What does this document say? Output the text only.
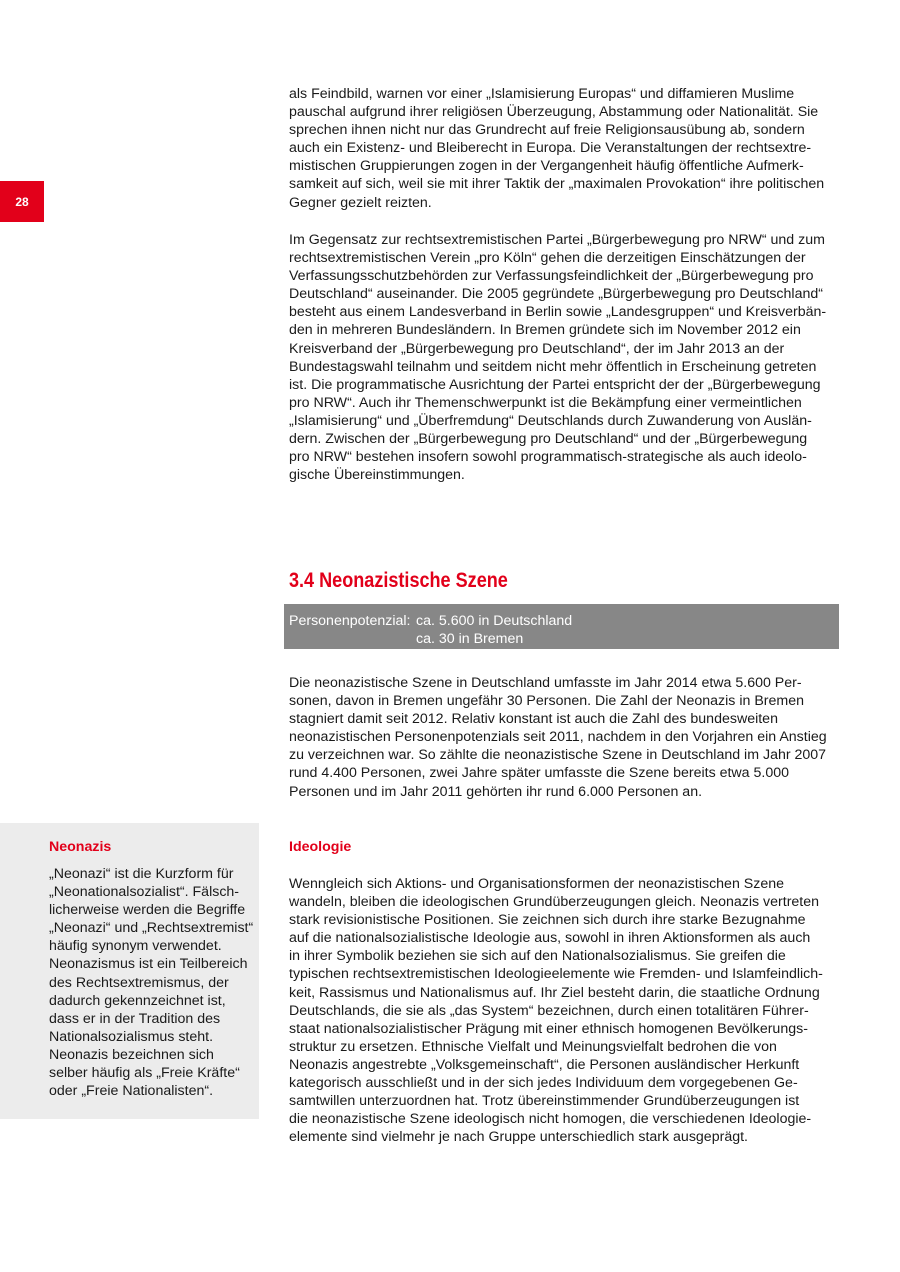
28

als Feindbild, warnen vor einer „Islamisierung Europas“ und diffamieren Muslime
pauschal aufgrund ihrer religiösen Überzeugung, Abstammung oder Nationalität. Sie
sprechen ihnen nicht nur das Grundrecht auf freie Religionsausübung ab, sondern
auch ein Existenz- und Bleiberecht in Europa. Die Veranstaltungen der rechtsextre-
mistischen Gruppierungen zogen in der Vergangenheit häufig öffentliche Aufmerk-
samkeit auf sich, weil sie mit ihrer Taktik der „maximalen Provokation“ ihre politischen
Gegner gezielt reizten.

Im Gegensatz zur rechtsextremistischen Partei „Bürgerbewegung pro NRW“ und zum
rechtsextremistischen Verein „pro Köln“ gehen die derzeitigen Einschätzungen der
Verfassungsschutzbehörden zur Verfassungsfeindlichkeit der „Bürgerbewegung pro
Deutschland“ auseinander. Die 2005 gegründete „Bürgerbewegung pro Deutschland“
besteht aus einem Landesverband in Berlin sowie „Landesgruppen“ und Kreisverbän-
den in mehreren Bundesländern. In Bremen gründete sich im November 2012 ein
Kreisverband der „Bürgerbewegung pro Deutschland“, der im Jahr 2013 an der
Bundestagswahl teilnahm und seitdem nicht mehr öffentlich in Erscheinung getreten
ist. Die programmatische Ausrichtung der Partei entspricht der der „Bürgerbewegung
pro NRW“. Auch ihr Themenschwerpunkt ist die Bekämpfung einer vermeintlichen
„Islamisierung“ und „Überfremdung“ Deutschlands durch Zuwanderung von Auslän-
dern. Zwischen der „Bürgerbewegung pro Deutschland“ und der „Bürgerbewegung
pro NRW“ bestehen insofern sowohl programmatisch-strategische als auch ideolo-
gische Übereinstimmungen.

3.4 Neonazistische Szene
Personenpotenzial: ca. 5.600 in Deutschland
ca. 30 in Bremen

Die neonazistische Szene in Deutschland umfasste im Jahr 2014 etwa 5.600 Per-
sonen, davon in Bremen ungefähr 30 Personen. Die Zahl der Neonazis in Bremen
stagniert damit seit 2012. Relativ konstant ist auch die Zahl des bundesweiten
neonazistischen Personenpotenzials seit 2011, nachdem in den Vorjahren ein Anstieg
zu verzeichnen war. So zählte die neonazistische Szene in Deutschland im Jahr 2007
rund 4.400 Personen, zwei Jahre später umfasste die Szene bereits etwa 5.000
Personen und im Jahr 2011 gehörten ihr rund 6.000 Personen an.

Ideologie

Wenngleich sich Aktions- und Organisationsformen der neonazistischen Szene
wandeln, bleiben die ideologischen Grundüberzeugungen gleich. Neonazis vertreten
stark revisionistische Positionen. Sie zeichnen sich durch ihre starke Bezugnahme
auf die nationalsozialistische Ideologie aus, sowohl in ihren Aktionsformen als auch
in ihrer Symbolik beziehen sie sich auf den Nationalsozialismus. Sie greifen die
typischen rechtsextremistischen Ideologieelemente wie Fremden- und Islamfeindlich-
keit, Rassismus und Nationalismus auf. Ihr Ziel besteht darin, die staatliche Ordnung
Deutschlands, die sie als „das System“ bezeichnen, durch einen totalitären Führer-
staat nationalsozialistischer Prägung mit einer ethnisch homogenen Bevölkerungs-
struktur zu ersetzen. Ethnische Vielfalt und Meinungsvielfalt bedrohen die von
Neonazis angestrebte „Volksgemeinschaft“, die Personen ausländischer Herkunft
kategorisch ausschließt und in der sich jedes Individuum dem vorgegebenen Ge-
samtwillen unterzuordnen hat. Trotz übereinstimmender Grundüberzeugungen ist
die neonazistische Szene ideologisch nicht homogen, die verschiedenen Ideologie-
elemente sind vielmehr je nach Gruppe unterschiedlich stark ausgeprägt.

Neonazis

„Neonazi“ ist die Kurzform für
„Neonationalsozialist“. Fälsch-
licherweise werden die Begriffe
„Neonazi“ und „Rechtsextremist“
häufig synonym verwendet.
Neonazismus ist ein Teilbereich
des Rechtsextremismus, der
dadurch gekennzeichnet ist,
dass er in der Tradition des
Nationalsozialismus steht.
Neonazis bezeichnen sich
selber häufig als „Freie Kräfte“
oder „Freie Nationalisten“.
